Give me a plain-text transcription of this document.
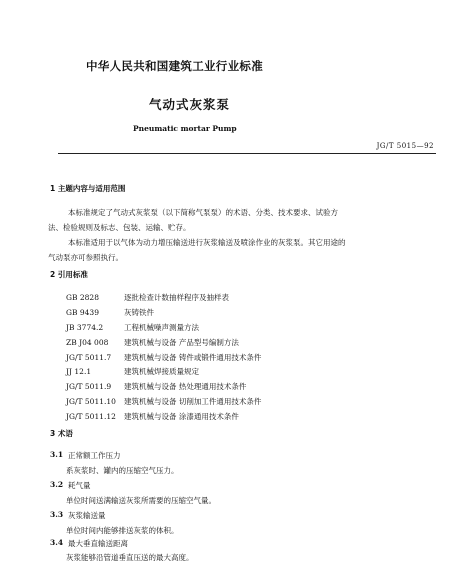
中华人民共和国建筑工业行业标准
气动式灰浆泵
Pneumatic mortar Pump
JG/T 5015—92
1 主题内容与适用范围
本标准规定了气动式灰浆泵（以下简称气泵泵）的术语、分类、技术要求、试验方
法、检验规则及标志、包装、运输、贮存。
本标准适用于以气体为动力增压输送进行灰浆输送及喷涂作业的灰浆泵。其它用途的
气动泵亦可参照执行。
2 引用标准
GB 2828	逐批检查计数抽样程序及抽样表
GB 9439	灰铸铁件
JB 3774.2	工程机械噪声测量方法
ZB J04 008 建筑机械与设备 产品型号编制方法
JG/T 5011.7 建筑机械与设备 铸件或锻件通用技术条件
JJ 12.1	建筑机械焊接质量规定
JG/T 5011.9 建筑机械与设备 热处理通用技术条件
JG/T 5011.10 建筑机械与设备 切削加工件通用技术条件
JG/T 5011.12 建筑机械与设备 涂漆通用技术条件
3 术语
3.1 正常额工作压力
系灰浆时、罐内的压缩空气压力。
3.2 耗气量
单位时间送满输送灰浆所需要的压缩空气量。
3.3 灰浆输送量
单位时间内能够排送灰浆的体积。
3.4 最大垂直输送距离
灰浆能够沿管道垂直压送的最大高度。
